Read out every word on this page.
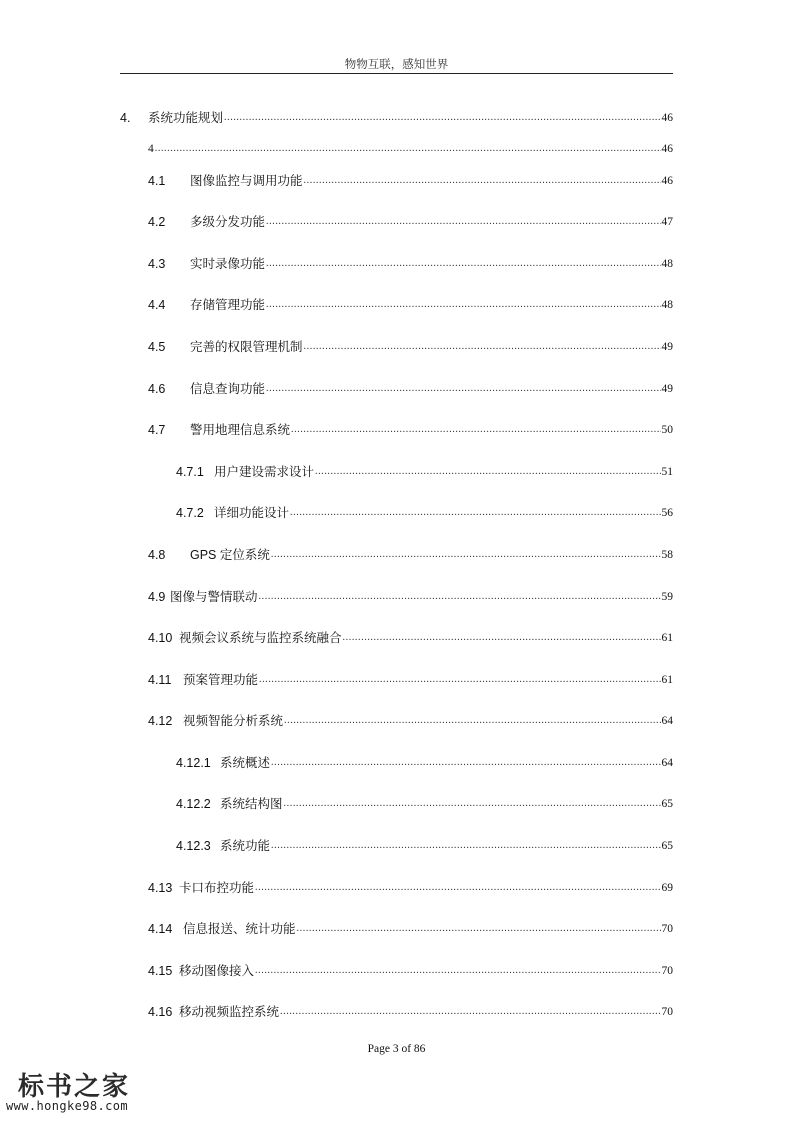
物物互联，感知世界
4.	系统功能规划 .....	46
4 .....	46
4.1	图像监控与调用功能 .....	46
4.2	多级分发功能 .....	47
4.3	实时录像功能 .....	48
4.4	存储管理功能 .....	48
4.5	完善的权限管理机制 .....	49
4.6	信息查询功能 .....	49
4.7	警用地理信息系统 .....	50
4.7.1 用户建设需求设计 .....	51
4.7.2 详细功能设计 .....	56
4.8	GPS 定位系统 .....	58
4.9 图像与警情联动 .....	59
4.10 视频会议系统与监控系统融合 .....	61
4.11 预案管理功能 .....	61
4.12 视频智能分析系统 .....	64
4.12.1 系统概述 .....	64
4.12.2 系统结构图 .....	65
4.12.3 系统功能 .....	65
4.13 卡口布控功能 .....	69
4.14 信息报送、统计功能 .....	70
4.15 移动图像接入 .....	70
4.16 移动视频监控系统 .....	70
Page 3 of 86
标书之家
www.hongke98.com
